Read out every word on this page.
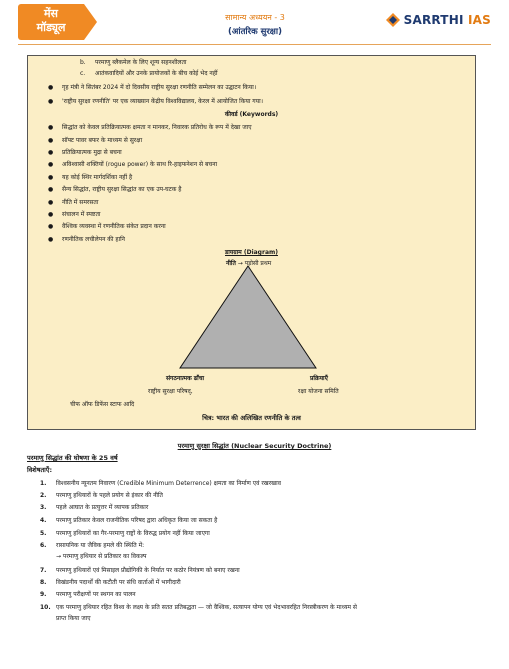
मेंस
मॉड्यूल
सामान्य अध्ययन - 3
(आंतरिक सुरक्षा)
SARRTHI IAS
b. परमाणु ब्लैकमेल के लिए शून्य सहनशीलता
c. आतंकवादियों और उनके प्रायोजकों के बीच कोई भेद नहीं
● गृह मंत्री ने सितंबर 2024 में दो दिवसीय राष्ट्रीय सुरक्षा रणनीति सम्मेलन का उद्घाटन किया।
● 'राष्ट्रीय सुरक्षा रणनीति' पर एक व्याख्यान केंद्रीय विश्वविद्यालय, केरल में आयोजित किया गया।
कीवर्ड (Keywords)
● सिद्धांत को केवल प्रतिक्रियात्मक क्षमता न मानकर, निवारक प्रतिरोध के रूप में देखा जाए
● सॉफ्ट पावर बफर के माध्यम से सुरक्षा
● प्रतिक्रियात्मक मुद्रा से बचना
● अविश्वासी शक्तियों (rogue power) के साथ रि-हाइफनेशन से बचना
● यह कोई स्थिर मार्गदर्शिका नहीं है
● सैन्य सिद्धांत, राष्ट्रीय सुरक्षा सिद्धांत का एक उप-घटक है
● नीति में समरसता
● संचालन में स्पष्टता
● वैश्विक व्यवस्था में रणनीतिक संकेत प्रदान करना
● रणनीतिक लचीलेपन की हानि
डायग्राम (Diagram)
नीति → पड़ोसी प्रथम
संगठनात्मक ढाँचा
राष्ट्रीय सुरक्षा परिषद्,
चीफ ऑफ डिफेंस स्टाफ आदि
प्रक्रियाएँ
रक्षा योजना समिति
चित्र: भारत की अलिखित रणनीति के तत्व
परमाणु सुरक्षा सिद्धांत (Nuclear Security Doctrine)
परमाणु सिद्धांत की घोषणा के 25 वर्ष
विशेषताएँ:
1. विश्वसनीय न्यूनतम निवारण (Credible Minimum Deterrence) क्षमता का निर्माण एवं रखरखाव
2. परमाणु हथियारों के पहले प्रयोग से इंकार की नीति
3. पहले आघात के प्रत्युत्तर में व्यापक प्रतिकार
4. परमाणु प्रतिकार केवल राजनीतिक परिषद द्वारा अधिकृत किया जा सकता है
5. परमाणु हथियारों का गैर-परमाणु राष्ट्रों के विरुद्ध प्रयोग नहीं किया जाएगा
6. रासायनिक या जैविक हमले की स्थिति में:
→ परमाणु हथियार से प्रतिकार का विकल्प
7. परमाणु हथियारों एवं मिसाइल प्रौद्योगिकी के निर्यात पर कठोर नियंत्रण को बनाए रखना
8. विखंडनीय पदार्थों की कटौती पर संधि वार्ताओं में भागीदारी
9. परमाणु परीक्षणों पर स्थगन का पालन
10. एक परमाणु हथियार रहित विश्व के लक्ष्य के प्रति सतत प्रतिबद्धता — जो वैश्विक, सत्यापन योग्य एवं भेदभावरहित निरस्त्रीकरण के माध्यम से
प्राप्त किया जाए
